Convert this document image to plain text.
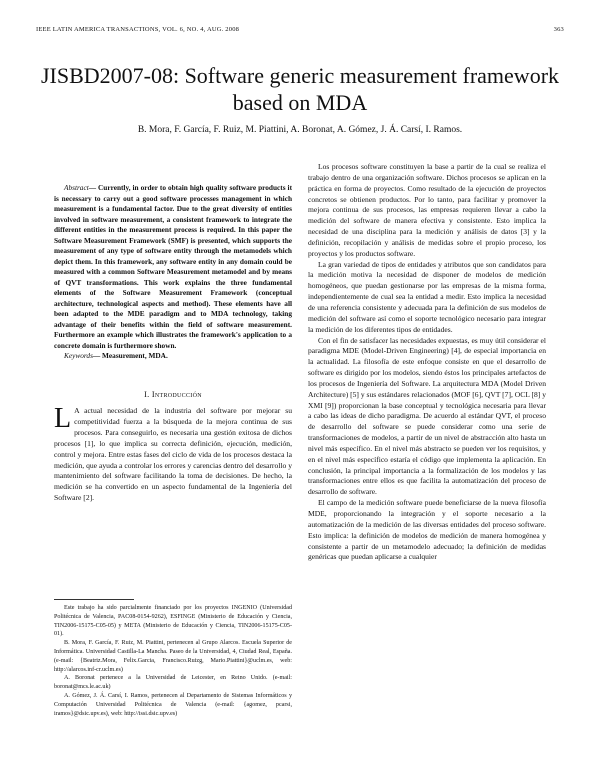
IEEE LATIN AMERICA TRANSACTIONS, VOL. 6, NO. 4, AUG. 2008	363
JISBD2007-08: Software generic measurement framework based on MDA
B. Mora, F. García, F. Ruiz, M. Piattini, A. Boronat, A. Gómez, J. Á. Carsí, I. Ramos.

Abstract— Currently, in order to obtain high quality software products it is necessary to carry out a good software processes management in which measurement is a fundamental factor. Due to the great diversity of entities involved in software measurement, a consistent framework to integrate the different entities in the measurement process is required. In this paper the Software Measurement Framework (SMF) is presented, which supports the measurement of any type of software entity through the metamodels which depict them. In this framework, any software entity in any domain could be measured with a common Software Measurement metamodel and by means of QVT transformations. This work explains the three fundamental elements of the Software Measurement Framework (conceptual architecture, technological aspects and method). These elements have all been adapted to the MDE paradigm and to MDA technology, taking advantage of their benefits within the field of software measurement. Furthermore an example which illustrates the framework's application to a concrete domain is furthermore shown.

Keywords— Measurement, MDA.
I. Introducción

L A actual necesidad de la industria del software por mejorar su competitividad fuerza a la búsqueda de la mejora continua de sus procesos. Para conseguirlo, es necesaria una gestión exitosa de dichos procesos [1], lo que implica su correcta definición, ejecución, medición, control y mejora. Entre estas fases del ciclo de vida de los procesos destaca la medición, que ayuda a controlar los errores y carencias dentro del desarrollo y mantenimiento del software facilitando la toma de decisiones. De hecho, la medición se ha convertido en un aspecto fundamental de la Ingeniería del Software [2].

Este trabajo ha sido parcialmente financiado por los proyectos INGENIO (Universidad Politécnica de Valencia, PAC08-0154-9262), ESFINGE (Ministerio de Educación y Ciencia, TIN2006-15175-C05-05) y META (Ministerio de Educación y Ciencia, TIN2006-15175-C05-01).

B. Mora, F. García, F. Ruiz, M. Piattini, pertenecen al Grupo Alarcos. Escuela Superior de Informática. Universidad Castilla-La Mancha. Paseo de la Universidad, 4, Ciudad Real, España. (e-mail: {Beatriz.Mora, Felix.Garcia, Francisco.Ruizg, Mario.Piattini}@uclm.es, web: http://alarcos.inf-cr.uclm.es)

A. Boronat pertenece a la Universidad de Leicester, en Reino Unido. (e-mail: boronat@mcs.le.ac.uk)

A. Gómez, J. Á. Carsí, I. Ramos, pertenecen al Departamento de Sistemas Informáticos y Computación Universidad Politécnica de Valencia (e-mail: {agomez, pcarsi, iramos}@dsic.upv.es), web: http://issi.dsic.upv.es)

Los procesos software constituyen la base a partir de la cual se realiza el trabajo dentro de una organización software. Dichos procesos se aplican en la práctica en forma de proyectos. Como resultado de la ejecución de proyectos concretos se obtienen productos. Por lo tanto, para facilitar y promover la mejora continua de sus procesos, las empresas requieren llevar a cabo la medición del software de manera efectiva y consistente. Esto implica la necesidad de una disciplina para la medición y análisis de datos [3] y la definición, recopilación y análisis de medidas sobre el propio proceso, los proyectos y los productos software.

La gran variedad de tipos de entidades y atributos que son candidatos para la medición motiva la necesidad de disponer de modelos de medición homogéneos, que puedan gestionarse por las empresas de la misma forma, independientemente de cual sea la entidad a medir. Esto implica la necesidad de una referencia consistente y adecuada para la definición de sus modelos de medición del software así como el soporte tecnológico necesario para integrar la medición de los diferentes tipos de entidades.

Con el fin de satisfacer las necesidades expuestas, es muy útil considerar el paradigma MDE (Model-Driven Engineering) [4], de especial importancia en la actualidad. La filosofía de este enfoque consiste en que el desarrollo de software es dirigido por los modelos, siendo éstos los principales artefactos de los procesos de Ingeniería del Software. La arquitectura MDA (Model Driven Architecture) [5] y sus estándares relacionados (MOF [6], QVT [7], OCL [8] y XMI [9]) proporcionan la base conceptual y tecnológica necesaria para llevar a cabo las ideas de dicho paradigma. De acuerdo al estándar QVT, el proceso de desarrollo del software se puede considerar como una serie de transformaciones de modelos, a partir de un nivel de abstracción alto hasta un nivel más específico. En el nivel más abstracto se pueden ver los requisitos, y en el nivel más específico estaría el código que implementa la aplicación. En conclusión, la principal importancia a la formalización de los modelos y las transformaciones entre ellos es que facilita la automatización del proceso de desarrollo de software.

El campo de la medición software puede beneficiarse de la nueva filosofía MDE, proporcionando la integración y el soporte necesario a la automatización de la medición de las diversas entidades del proceso software. Esto implica: la definición de modelos de medición de manera homogénea y consistente a partir de un metamodelo adecuado; la definición de medidas genéricas que puedan aplicarse a cualquier
